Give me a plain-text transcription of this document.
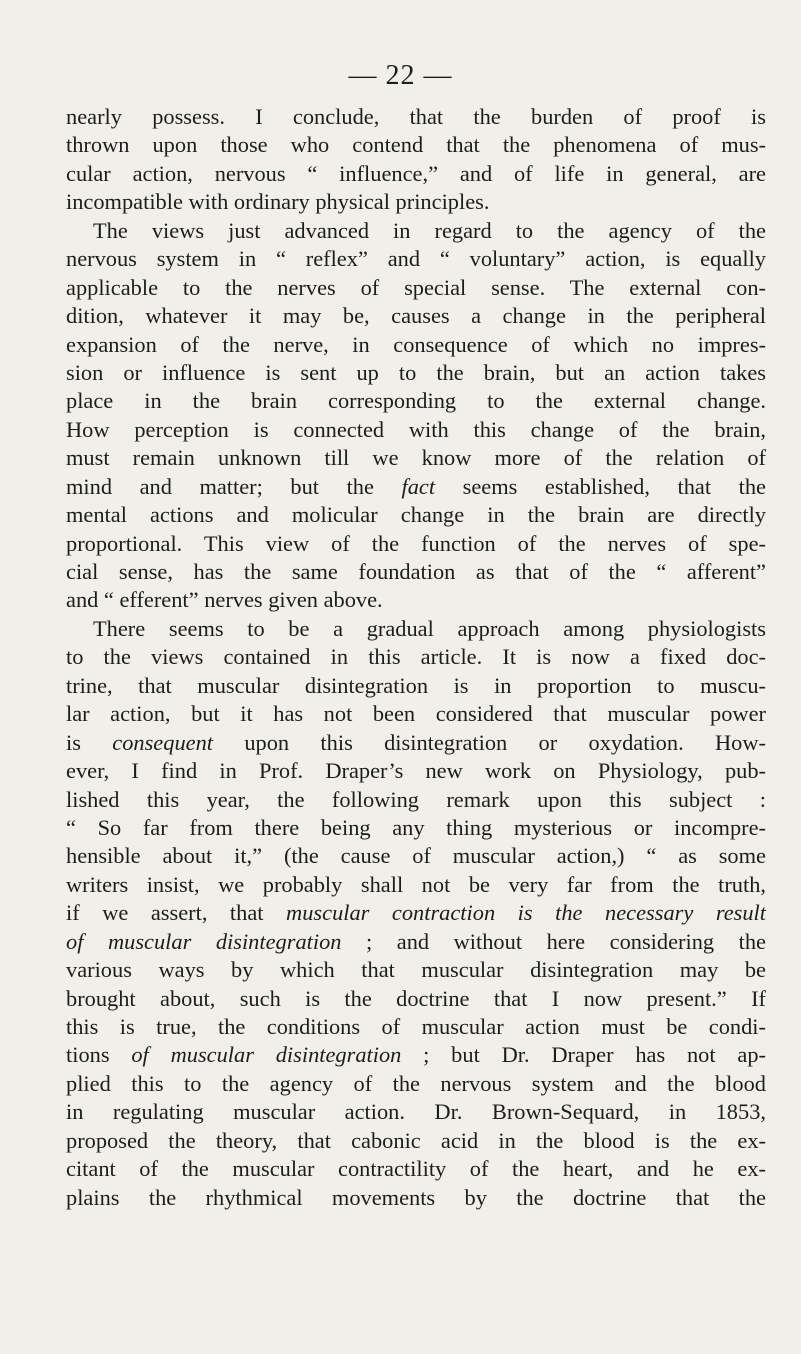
— 22 —
nearly possess. I conclude, that the burden of proof is
thrown upon those who contend that the phenomena of mus-
cular action, nervous “ influence,” and of life in general, are
incompatible with ordinary physical principles.
The views just advanced in regard to the agency of the
nervous system in “ reflex” and “ voluntary” action, is equally
applicable to the nerves of special sense. The external con-
dition, whatever it may be, causes a change in the peripheral
expansion of the nerve, in consequence of which no impres-
sion or influence is sent up to the brain, but an action takes
place in the brain corresponding to the external change.
How perception is connected with this change of the brain,
must remain unknown till we know more of the relation of
mind and matter; but the fact seems established, that the
mental actions and molicular change in the brain are directly
proportional. This view of the function of the nerves of spe-
cial sense, has the same foundation as that of the “ afferent”
and “ efferent” nerves given above.
There seems to be a gradual approach among physiologists
to the views contained in this article. It is now a fixed doc-
trine, that muscular disintegration is in proportion to muscu-
lar action, but it has not been considered that muscular power
is consequent upon this disintegration or oxydation. How-
ever, I find in Prof. Draper’s new work on Physiology, pub-
lished this year, the following remark upon this subject :
“ So far from there being any thing mysterious or incompre-
hensible about it,” (the cause of muscular action,) “ as some
writers insist, we probably shall not be very far from the truth,
if we assert, that muscular contraction is the necessary result
of muscular disintegration ; and without here considering the
various ways by which that muscular disintegration may be
brought about, such is the doctrine that I now present.” If
this is true, the conditions of muscular action must be condi-
tions of muscular disintegration ; but Dr. Draper has not ap-
plied this to the agency of the nervous system and the blood
in regulating muscular action. Dr. Brown-Sequard, in 1853,
proposed the theory, that cabonic acid in the blood is the ex-
citant of the muscular contractility of the heart, and he ex-
plains the rhythmical movements by the doctrine that the
